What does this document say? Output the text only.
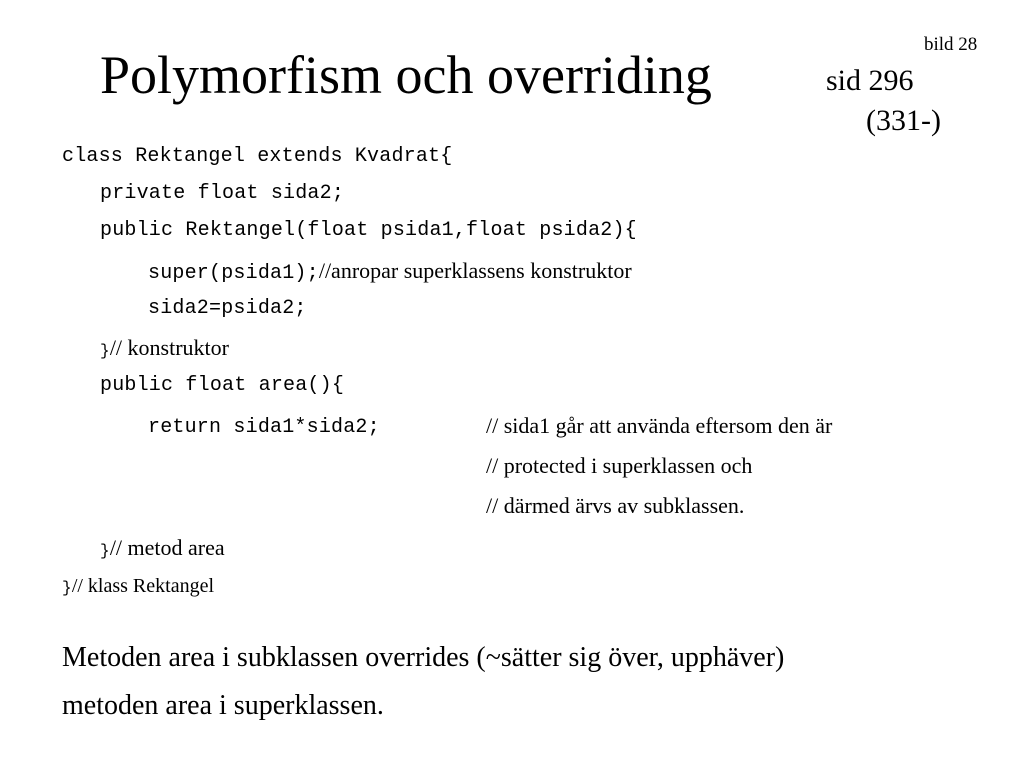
bild 28
Polymorfism och overriding	sid 296
(331-)
class Rektangel extends Kvadrat{
private float sida2;
public Rektangel(float psida1,float psida2){
super(psida1);//anropar superklassens konstruktor
sida2=psida2;
}// konstruktor
public float area(){
return sida1*sida2;	// sida1 går att använda eftersom den är
// protected i superklassen och
// därmed ärvs av subklassen.
}// metod area
}// klass Rektangel
Metoden area i subklassen overrides (~sätter sig över, upphäver)
metoden area i superklassen.
